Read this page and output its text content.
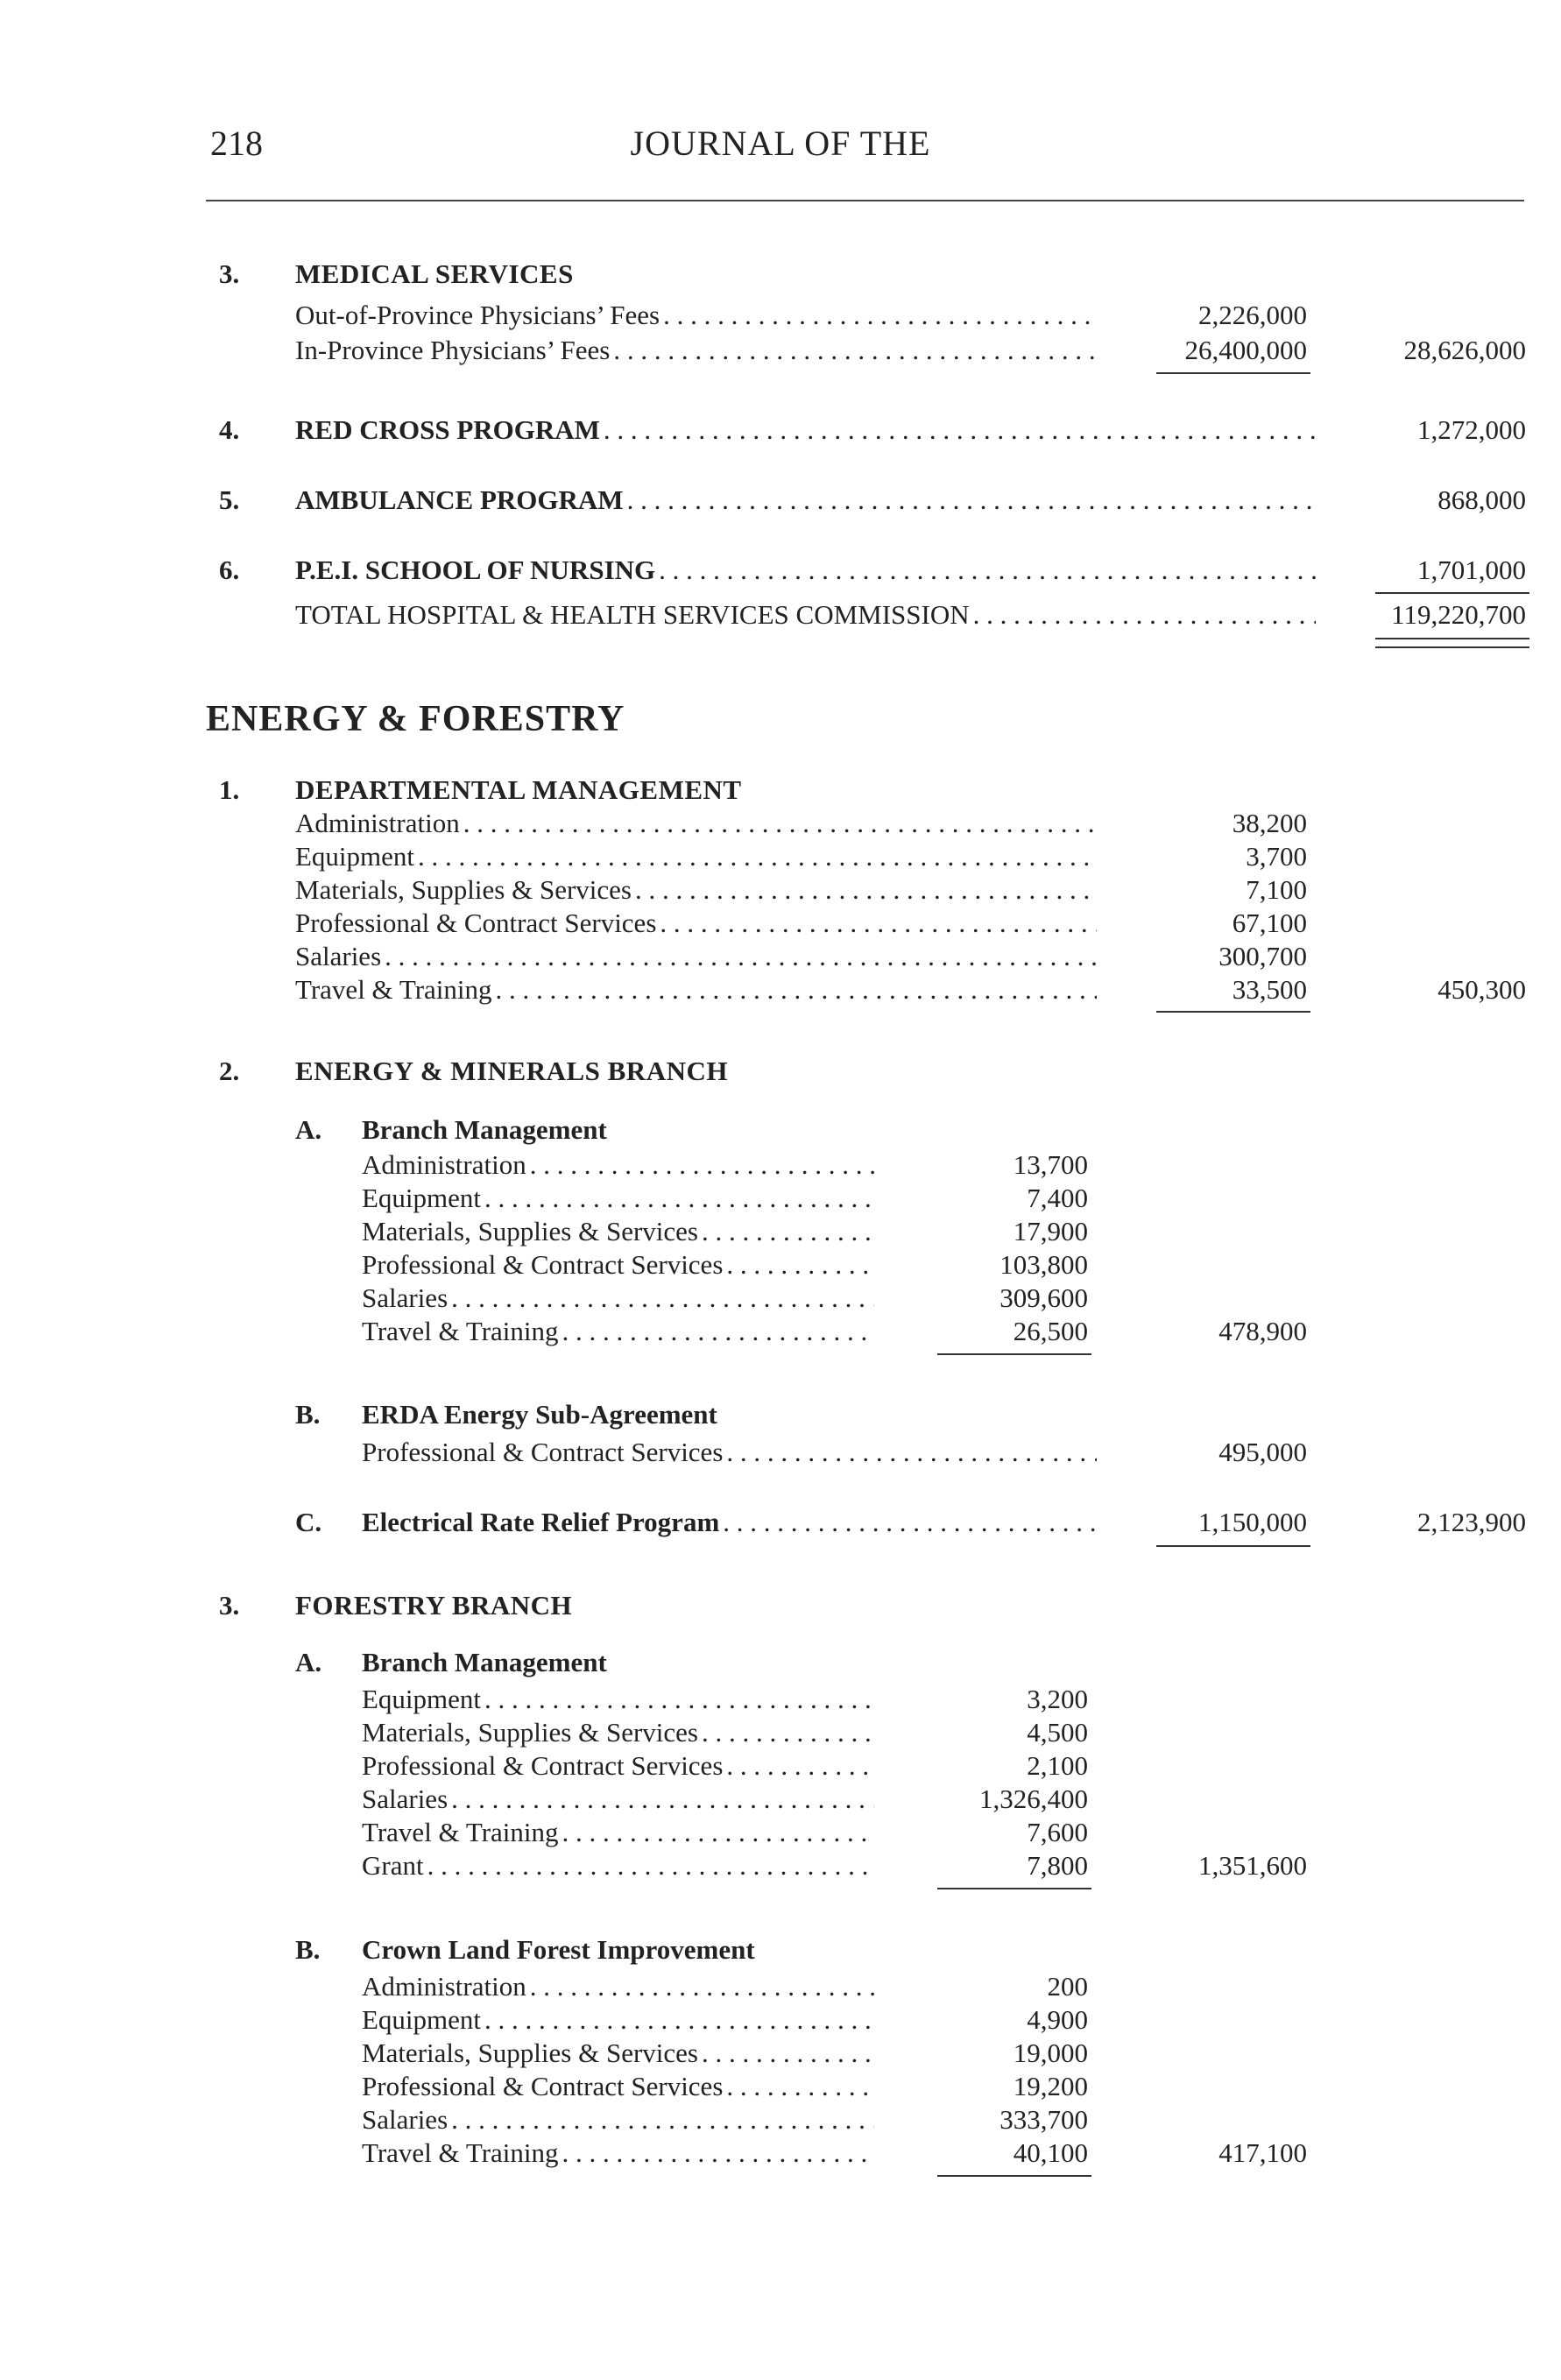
218	JOURNAL OF THE
3. MEDICAL SERVICES
Out-of-Province Physicians’ Fees . . .	2,226,000
In-Province Physicians’ Fees . . .	26,400,000	28,626,000
4. RED CROSS PROGRAM . . .	1,272,000
5. AMBULANCE PROGRAM . . .	868,000
6. P.E.I. SCHOOL OF NURSING . . .	1,701,000
TOTAL HOSPITAL & HEALTH SERVICES COMMISSION . . .	119,220,700
ENERGY & FORESTRY
1. DEPARTMENTAL MANAGEMENT
Administration . . .	38,200
Equipment . . .	3,700
Materials, Supplies & Services . . .	7,100
Professional & Contract Services . . .	67,100
Salaries . . .	300,700
Travel & Training . . .	33,500	450,300
2. ENERGY & MINERALS BRANCH
A. Branch Management
Administration . . .	13,700
Equipment . . .	7,400
Materials, Supplies & Services . . .	17,900
Professional & Contract Services . . .	103,800
Salaries . . .	309,600
Travel & Training . . .	26,500	478,900
B. ERDA Energy Sub-Agreement
Professional & Contract Services . . .	495,000
C. Electrical Rate Relief Program . . .	1,150,000	2,123,900
3. FORESTRY BRANCH
A. Branch Management
Equipment . . .	3,200
Materials, Supplies & Services . . .	4,500
Professional & Contract Services . . .	2,100
Salaries . . .	1,326,400
Travel & Training . . .	7,600
Grant . . .	7,800	1,351,600
B. Crown Land Forest Improvement
Administration . . .	200
Equipment . . .	4,900
Materials, Supplies & Services . . .	19,000
Professional & Contract Services . . .	19,200
Salaries . . .	333,700
Travel & Training . . .	40,100	417,100
